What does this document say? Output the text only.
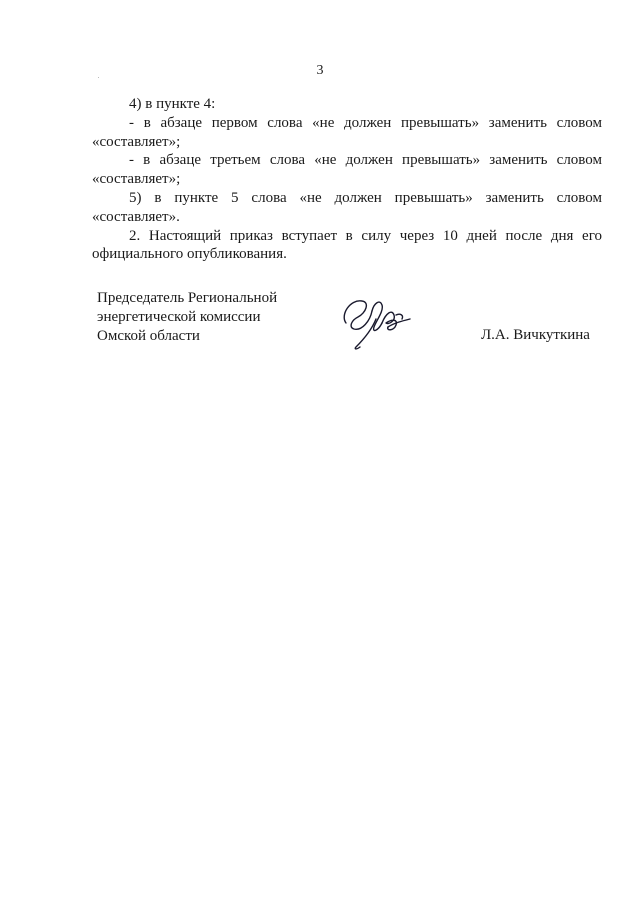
3

4) в пункте 4:

- в абзаце первом слова «не должен превышать» заменить словом «составляет»;

- в абзаце третьем слова «не должен превышать» заменить словом «составляет»;

5) в пункте 5 слова «не должен превышать» заменить словом «составляет».

2. Настоящий приказ вступает в силу через 10 дней после дня его официального опубликования.

Председатель Региональной
энергетической комиссии
Омской области	Л.А. Вичкуткина
